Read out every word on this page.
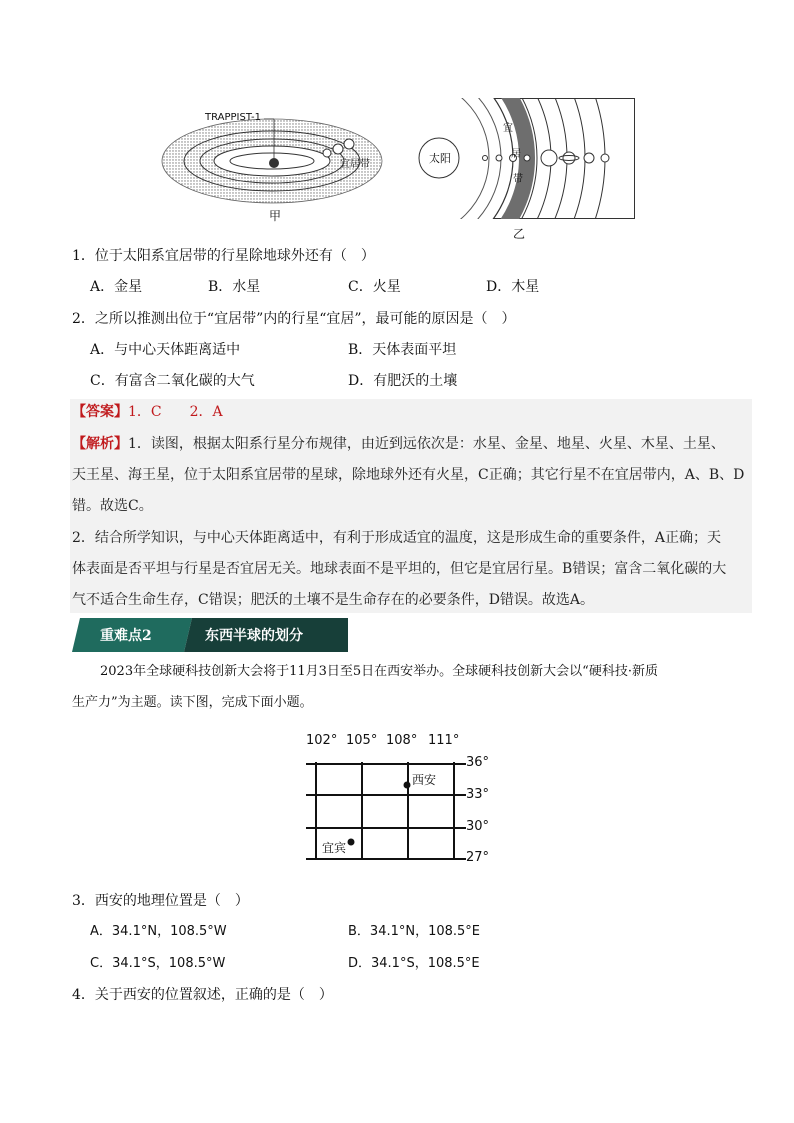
TRAPPIST-1
宜居带
甲
太阳
宜
居
带
乙
1．位于太阳系宜居带的行星除地球外还有（　）
A．金星	B．水星	C．火星	D．木星
2．之所以推测出位于“宜居带”内的行星“宜居”，最可能的原因是（　）
A．与中心天体距离适中	B．天体表面平坦
C．有富含二氧化碳的大气	D．有肥沃的土壤
【答案】1．C　　2．A
【解析】1．读图，根据太阳系行星分布规律，由近到远依次是：水星、金星、地星、火星、木星、土星、
天王星、海王星，位于太阳系宜居带的星球，除地球外还有火星，C正确；其它行星不在宜居带内，A、B、D
错。故选C。
2．结合所学知识，与中心天体距离适中，有利于形成适宜的温度，这是形成生命的重要条件，A正确；天
体表面是否平坦与行星是否宜居无关。地球表面不是平坦的，但它是宜居行星。B错误；富含二氧化碳的大
气不适合生命生存，C错误；肥沃的土壤不是生命存在的必要条件，D错误。故选A。
重难点2	东西半球的划分
2023年全球硬科技创新大会将于11月3日至5日在西安举办。全球硬科技创新大会以“硬科技·新质
生产力”为主题。读下图，完成下面小题。
102° 105° 108° 111°
36°
33°
30°
27°
西安
宜宾
3．西安的地理位置是（　）
A．34.1°N，108.5°W	B．34.1°N，108.5°E
C．34.1°S，108.5°W	D．34.1°S，108.5°E
4．关于西安的位置叙述，正确的是（　）
